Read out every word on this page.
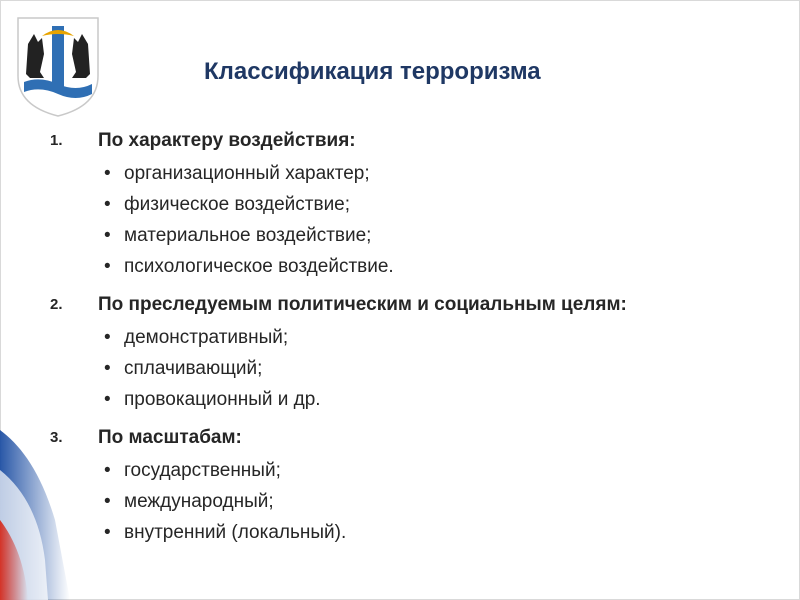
Классификация терроризма
1.	По характеру воздействия:
• организационный характер;
• физическое воздействие;
• материальное воздействие;
• психологическое воздействие.
2.	По преследуемым политическим и социальным целям:
• демонстративный;
• сплачивающий;
• провокационный и др.
3.	По масштабам:
• государственный;
• международный;
• внутренний (локальный).
